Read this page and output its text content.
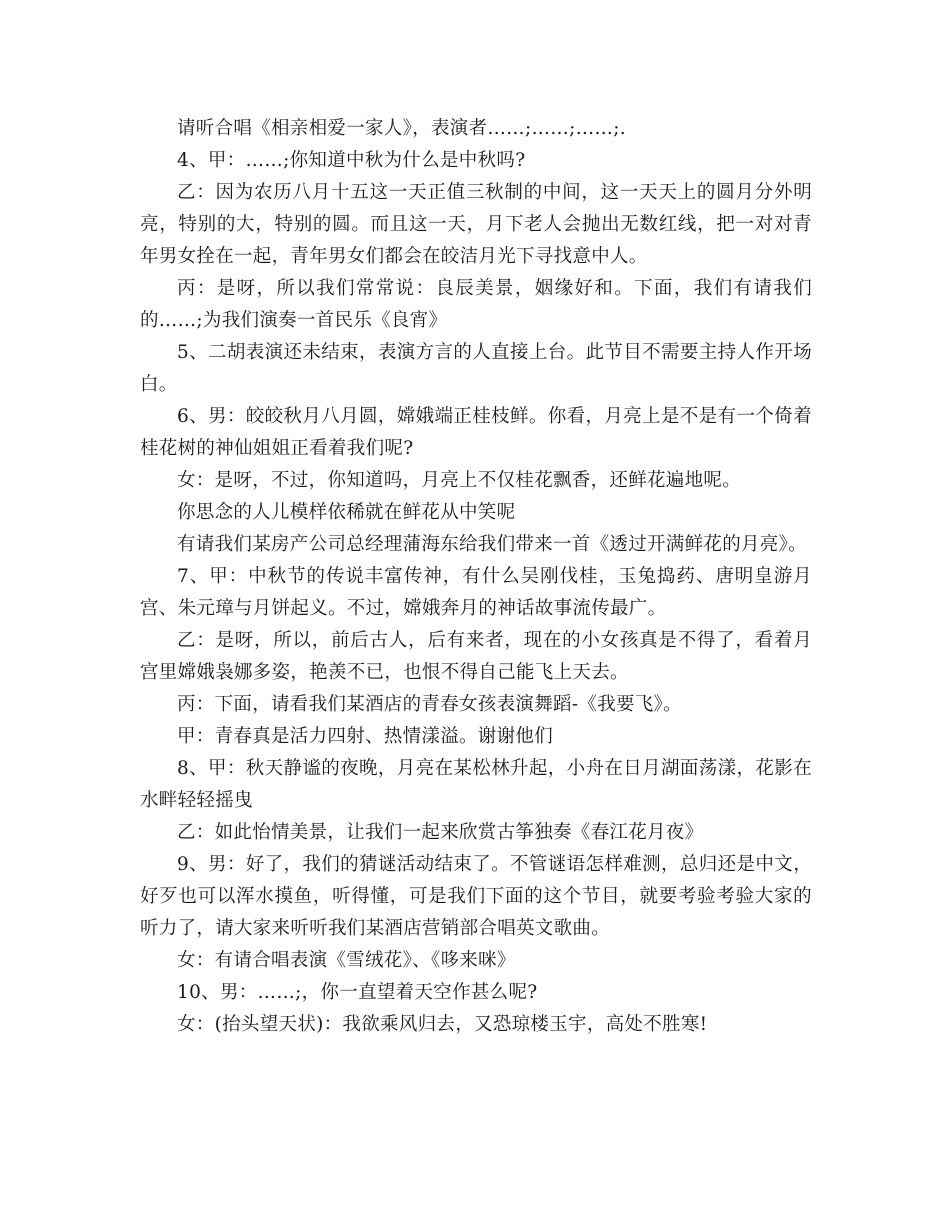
请听合唱《相亲相爱一家人》，表演者……;……;……;.

4、甲：……;你知道中秋为什么是中秋吗?

乙：因为农历八月十五这一天正值三秋制的中间，这一天天上的圆月分外明亮，特别的大，特别的圆。而且这一天，月下老人会抛出无数红线，把一对对青年男女拴在一起，青年男女们都会在皎洁月光下寻找意中人。

丙：是呀，所以我们常常说：良辰美景，姻缘好和。下面，我们有请我们的……;为我们演奏一首民乐《良宵》

5、二胡表演还未结束，表演方言的人直接上台。此节目不需要主持人作开场白。

6、男：皎皎秋月八月圆，嫦娥端正桂枝鲜。你看，月亮上是不是有一个倚着桂花树的神仙姐姐正看着我们呢?

女：是呀，不过，你知道吗，月亮上不仅桂花飘香，还鲜花遍地呢。

你思念的人儿模样依稀就在鲜花从中笑呢

有请我们某房产公司总经理蒲海东给我们带来一首《透过开满鲜花的月亮》。

7、甲：中秋节的传说丰富传神，有什么吴刚伐桂，玉兔捣药、唐明皇游月宫、朱元璋与月饼起义。不过，嫦娥奔月的神话故事流传最广。

乙：是呀，所以，前后古人，后有来者，现在的小女孩真是不得了，看着月宫里嫦娥袅娜多姿，艳羡不已，也恨不得自己能飞上天去。

丙：下面，请看我们某酒店的青春女孩表演舞蹈-《我要飞》。

甲：青春真是活力四射、热情漾溢。谢谢他们

8、甲：秋天静谧的夜晚，月亮在某松林升起，小舟在日月湖面荡漾，花影在水畔轻轻摇曳

乙：如此怡情美景，让我们一起来欣赏古筝独奏《春江花月夜》

9、男：好了，我们的猜谜活动结束了。不管谜语怎样难测，总归还是中文，好歹也可以浑水摸鱼，听得懂，可是我们下面的这个节目，就要考验考验大家的听力了，请大家来听听我们某酒店营销部合唱英文歌曲。

女：有请合唱表演《雪绒花》、《哆来咪》

10、男：……;，你一直望着天空作甚么呢?

女：(抬头望天状)：我欲乘风归去，又恐琼楼玉宇，高处不胜寒!
